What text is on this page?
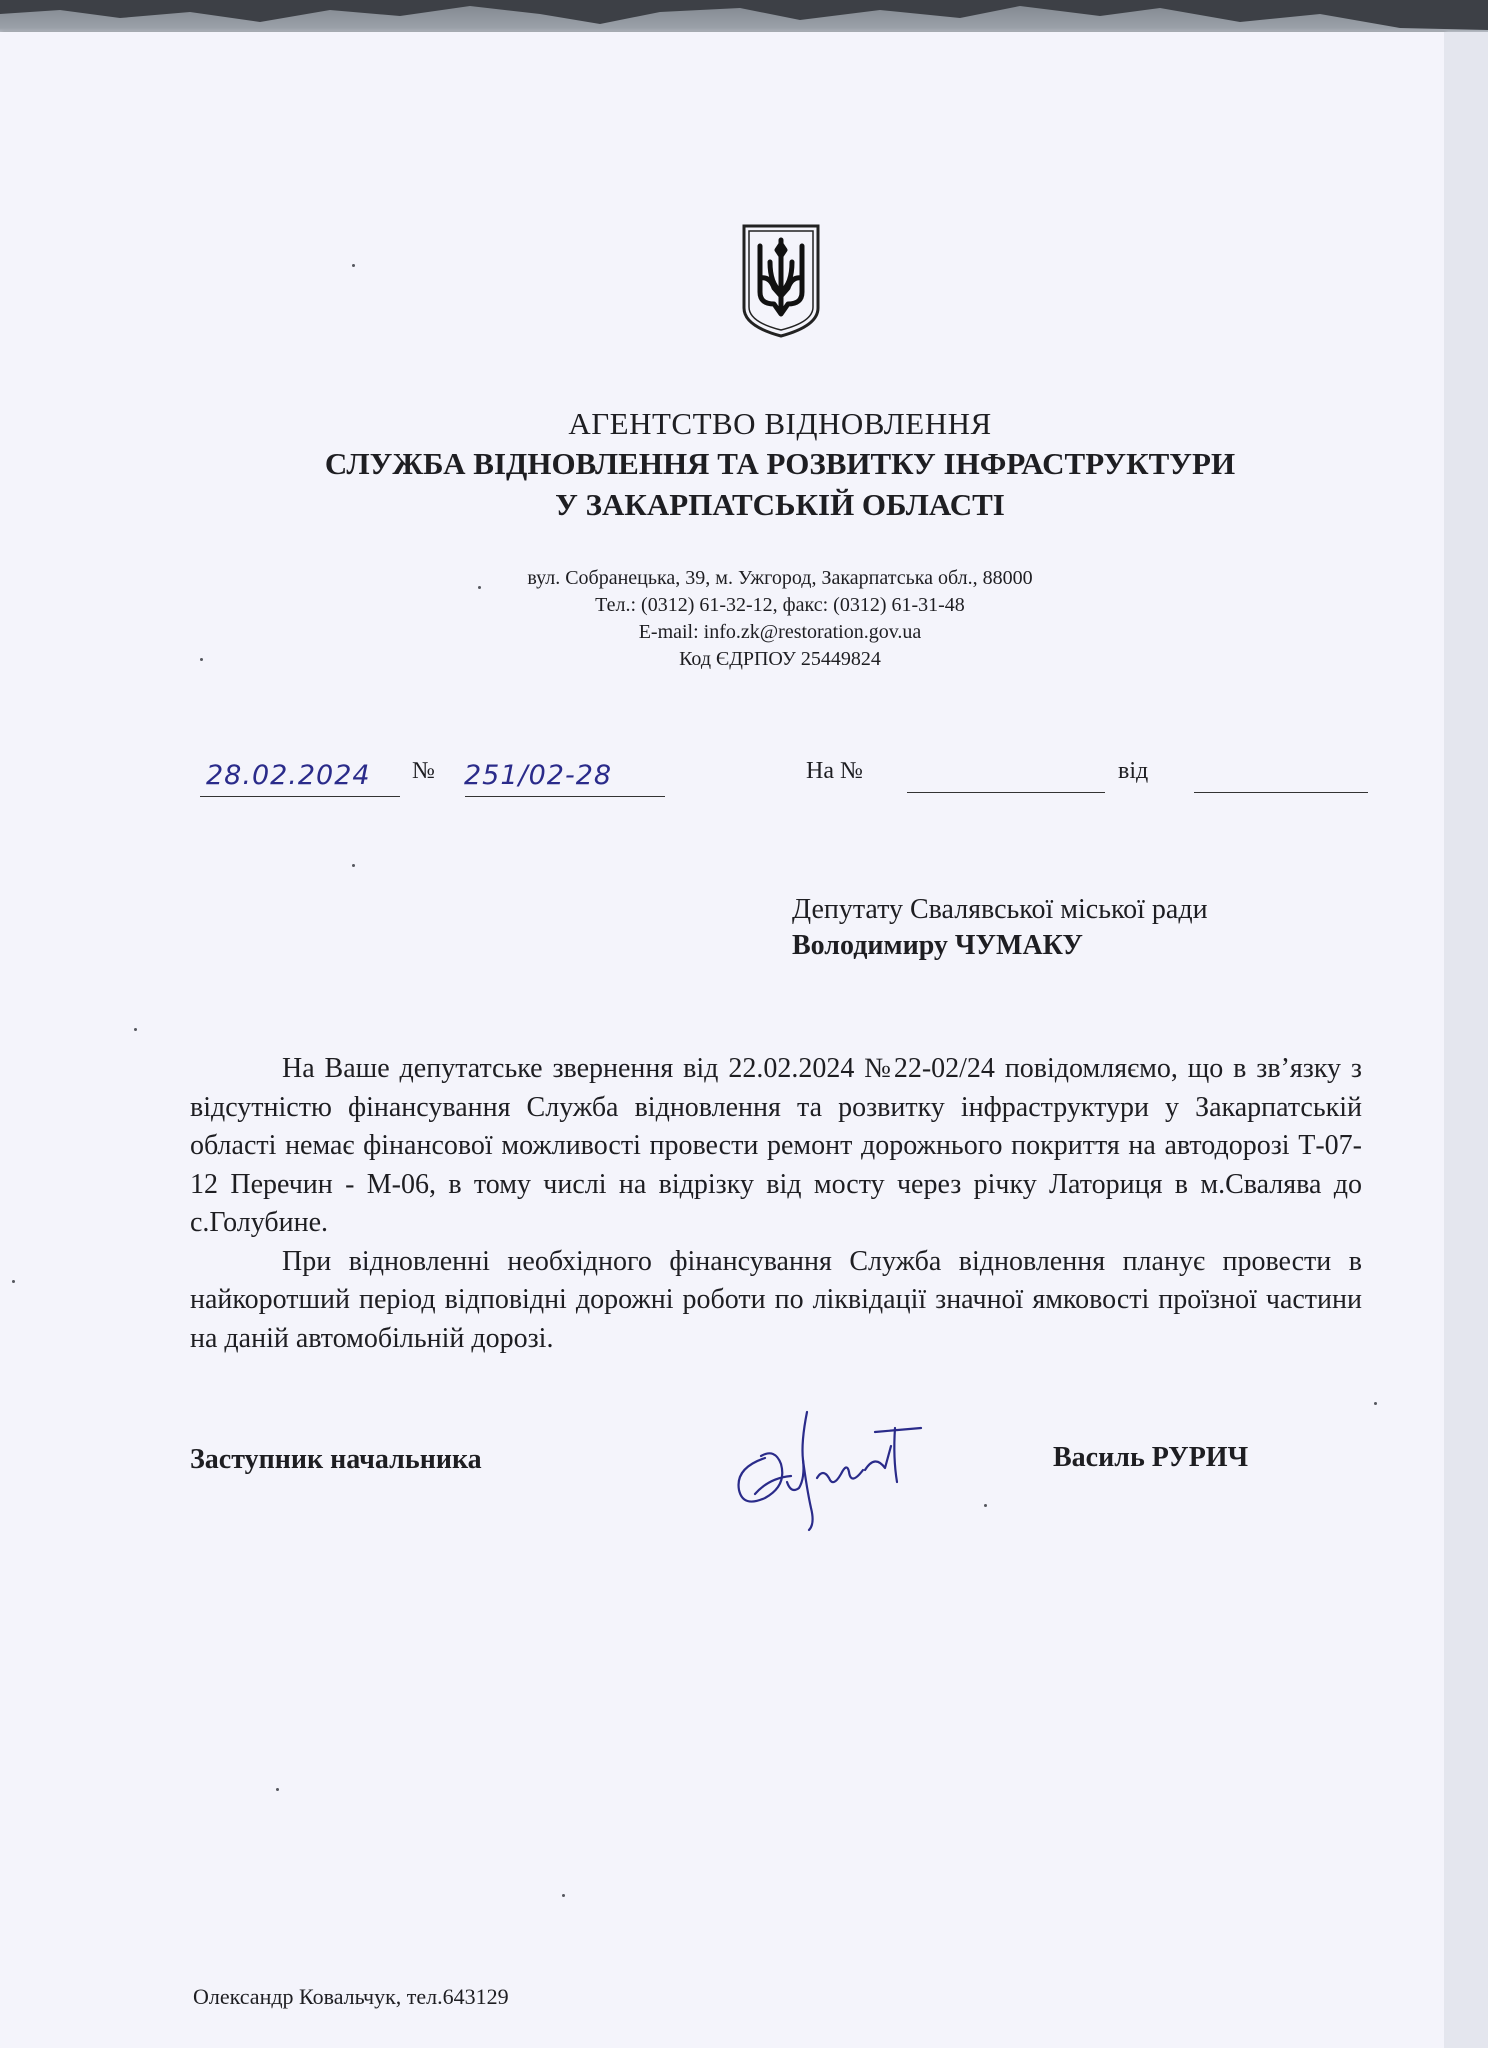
АГЕНТСТВО ВІДНОВЛЕННЯ
СЛУЖБА ВІДНОВЛЕННЯ ТА РОЗВИТКУ ІНФРАСТРУКТУРИ
У ЗАКАРПАТСЬКІЙ ОБЛАСТІ
вул. Собранецька, 39, м. Ужгород, Закарпатська обл., 88000
Тел.: (0312) 61-32-12, факс: (0312) 61-31-48
E-mail: info.zk@restoration.gov.ua
Код ЄДРПОУ 25449824
28.02.2024 № 251/02-28	На №	від
Депутату Свалявської міської ради
Володимиру ЧУМАКУ

На Ваше депутатське звернення від 22.02.2024 №22-02/24 повідомляємо, що в зв’язку з відсутністю фінансування Служба відновлення та розвитку інфраструктури у Закарпатській області немає фінансової можливості провести ремонт дорожнього покриття на автодорозі Т-07-12 Перечин - М-06, в тому числі на відрізку від мосту через річку Латориця в м.Свалява до с.Голубине.

При відновленні необхідного фінансування Служба відновлення планує провести в найкоротший період відповідні дорожні роботи по ліквідації значної ямковості проїзної частини на даній автомобільній дорозі.

Заступник начальника	Василь РУРИЧ
Олександр Ковальчук, тел.643129
